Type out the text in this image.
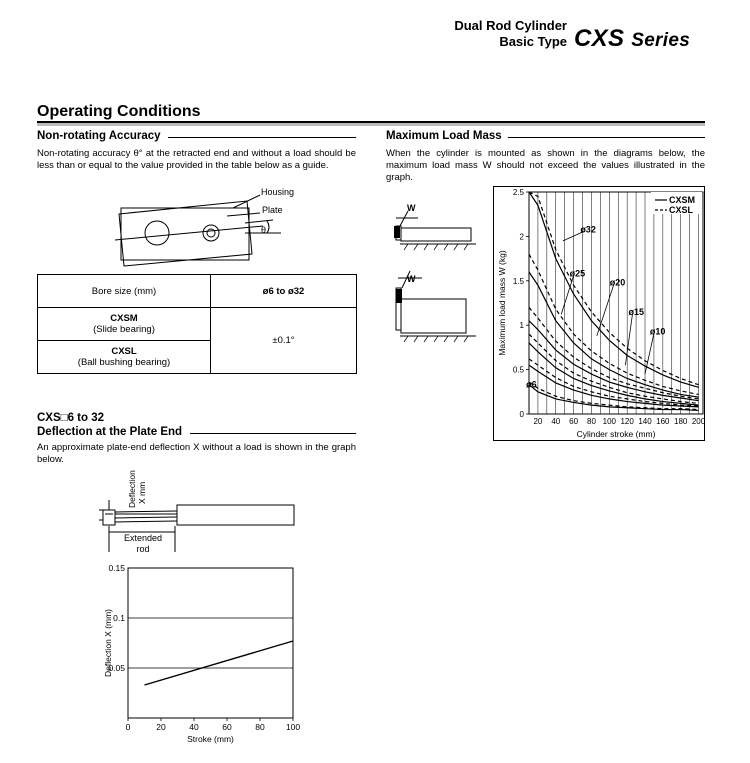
Dual Rod Cylinder
Basic Type CXS Series
Operating Conditions
Non-rotating Accuracy
Non-rotating accuracy θ° at the retracted end and without a load should be less than or equal to the value provided in the table below as a guide.
Housing
Plate
θ
Bore size (mm)	ø6 to ø32

CXSM
(Slide bearing)	±0.1°

CXSL
(Ball bushing bearing)	
CXS□6 to 32
Deflection at the Plate End
An approximate plate-end deflection X without a load is shown in the graph below.
Deflection X mm
Extended
rod
0.15
0.1
0.05
0	20	40	60	80 100
Stroke (mm)
Deflection X (mm)
Maximum Load Mass
When the cylinder is mounted as shown in the diagrams below, the maximum load mass W should not exceed the values illustrated in the graph.
W
W
2.5
2
1.5
1
0.5
0
20 40 60 80 100 120 140 160 180 200
Cylinder stroke (mm)
Maximum load mass W (kg)
ø32
ø25
ø20
ø15
ø10
ø6
CXSM
CXSL
